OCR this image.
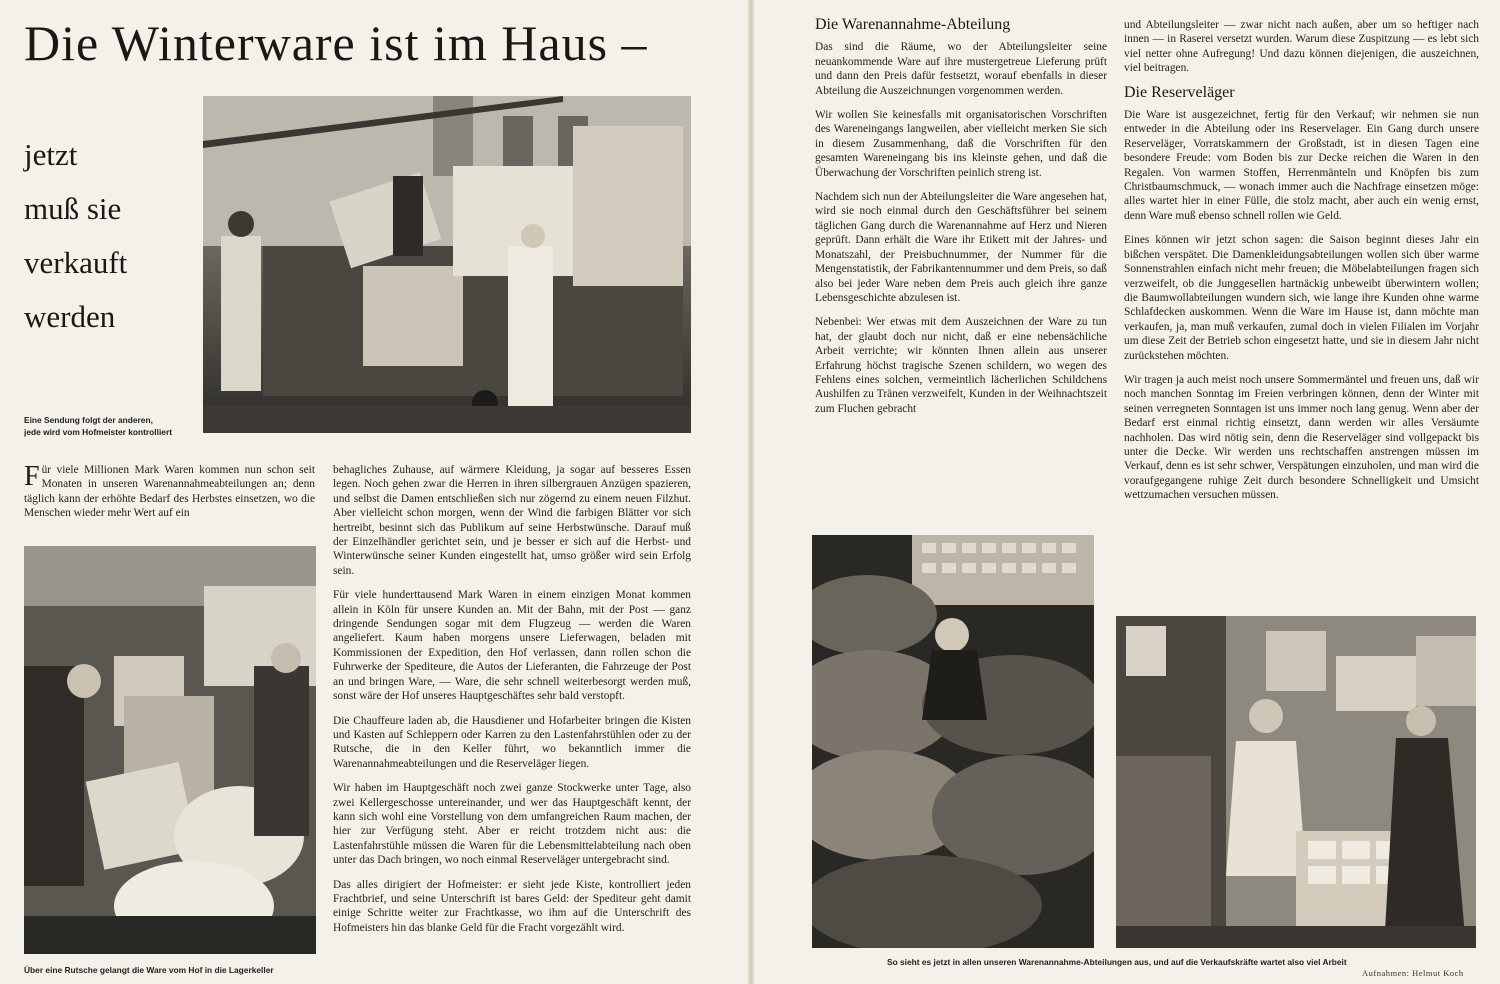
Die Winterware ist im Haus –
jetzt
muß sie
verkauft
werden
Eine Sendung folgt der anderen,
jede wird vom Hofmeister kontrolliert

Für viele Millionen Mark Waren kommen nun schon seit Monaten in unseren Warenannahmeabteilungen an; denn täglich kann der erhöhte Bedarf des Herbstes einsetzen, wo die Menschen wieder mehr Wert auf ein

Über eine Rutsche gelangt die Ware vom Hof in die Lagerkeller

behagliches Zuhause, auf wärmere Kleidung, ja sogar auf besseres Essen legen. Noch gehen zwar die Herren in ihren silbergrauen Anzügen spazieren, und selbst die Damen entschließen sich nur zögernd zu einem neuen Filzhut. Aber vielleicht schon morgen, wenn der Wind die farbigen Blätter vor sich hertreibt, besinnt sich das Publikum auf seine Herbstwünsche. Darauf muß der Einzelhändler gerichtet sein, und je besser er sich auf die Herbst- und Winterwünsche seiner Kunden eingestellt hat, umso größer wird sein Erfolg sein.

Für viele hunderttausend Mark Waren in einem einzigen Monat kommen allein in Köln für unsere Kunden an. Mit der Bahn, mit der Post — ganz dringende Sendungen sogar mit dem Flugzeug — werden die Waren angeliefert. Kaum haben morgens unsere Lieferwagen, beladen mit Kommissionen der Expedition, den Hof verlassen, dann rollen schon die Fuhrwerke der Spediteure, die Autos der Lieferanten, die Fahrzeuge der Post an und bringen Ware, — Ware, die sehr schnell weiterbesorgt werden muß, sonst wäre der Hof unseres Hauptgeschäftes sehr bald verstopft.

Die Chauffeure laden ab, die Hausdiener und Hofarbeiter bringen die Kisten und Kasten auf Schleppern oder Karren zu den Lastenfahrstühlen oder zu der Rutsche, die in den Keller führt, wo bekanntlich immer die Warenannahmeabteilungen und die Reserveläger liegen.

Wir haben im Hauptgeschäft noch zwei ganze Stockwerke unter Tage, also zwei Kellergeschosse untereinander, und wer das Hauptgeschäft kennt, der kann sich wohl eine Vorstellung von dem umfangreichen Raum machen, der hier zur Verfügung steht. Aber er reicht trotzdem nicht aus: die Lastenfahrstühle müssen die Waren für die Lebensmittelabteilung nach oben unter das Dach bringen, wo noch einmal Reserveläger untergebracht sind.

Das alles dirigiert der Hofmeister: er sieht jede Kiste, kontrolliert jeden Frachtbrief, und seine Unterschrift ist bares Geld: der Spediteur geht damit einige Schritte weiter zur Frachtkasse, wo ihm auf die Unterschrift des Hofmeisters hin das blanke Geld für die Fracht vorgezählt wird.

Die Warenannahme-Abteilung

Das sind die Räume, wo der Abteilungsleiter seine neuankommende Ware auf ihre mustergetreue Lieferung prüft und dann den Preis dafür festsetzt, worauf ebenfalls in dieser Abteilung die Auszeichnungen vorgenommen werden.

Wir wollen Sie keinesfalls mit organisatorischen Vorschriften des Wareneingangs langweilen, aber vielleicht merken Sie sich in diesem Zusammenhang, daß die Vorschriften für den gesamten Wareneingang bis ins kleinste gehen, und daß die Überwachung der Vorschriften peinlich streng ist.

Nachdem sich nun der Abteilungsleiter die Ware angesehen hat, wird sie noch einmal durch den Geschäftsführer bei seinem täglichen Gang durch die Warenannahme auf Herz und Nieren geprüft. Dann erhält die Ware ihr Etikett mit der Jahres- und Monatszahl, der Preisbuchnummer, der Nummer für die Mengenstatistik, der Fabrikantennummer und dem Preis, so daß also bei jeder Ware neben dem Preis auch gleich ihre ganze Lebensgeschichte abzulesen ist.

Nebenbei: Wer etwas mit dem Auszeichnen der Ware zu tun hat, der glaubt doch nur nicht, daß er eine nebensächliche Arbeit verrichte; wir könnten Ihnen allein aus unserer Erfahrung höchst tragische Szenen schildern, wo wegen des Fehlens eines solchen, vermeintlich lächerlichen Schildchens Aushilfen zu Tränen verzweifelt, Kunden in der Weihnachtszeit zum Fluchen gebracht

und Abteilungsleiter — zwar nicht nach außen, aber um so heftiger nach innen — in Raserei versetzt wurden. Warum diese Zuspitzung — es lebt sich viel netter ohne Aufregung! Und dazu können diejenigen, die auszeichnen, viel beitragen.

Die Reserveläger

Die Ware ist ausgezeichnet, fertig für den Verkauf; wir nehmen sie nun entweder in die Abteilung oder ins Reservelager. Ein Gang durch unsere Reserveläger, Vorratskammern der Großstadt, ist in diesen Tagen eine besondere Freude: vom Boden bis zur Decke reichen die Waren in den Regalen. Von warmen Stoffen, Herrenmänteln und Knöpfen bis zum Christbaumschmuck, — wonach immer auch die Nachfrage einsetzen möge: alles wartet hier in einer Fülle, die stolz macht, aber auch ein wenig ernst, denn Ware muß ebenso schnell rollen wie Geld.

Eines können wir jetzt schon sagen: die Saison beginnt dieses Jahr ein bißchen verspätet. Die Damenkleidungsabteilungen wollen sich über warme Sonnenstrahlen einfach nicht mehr freuen; die Möbelabteilungen fragen sich verzweifelt, ob die Junggesellen hartnäckig unbeweibt überwintern wollen; die Baumwollabteilungen wundern sich, wie lange ihre Kunden ohne warme Schlafdecken auskommen. Wenn die Ware im Hause ist, dann möchte man verkaufen, ja, man muß verkaufen, zumal doch in vielen Filialen im Vorjahr um diese Zeit der Betrieb schon eingesetzt hatte, und sie in diesem Jahr nicht zurückstehen möchten.

Wir tragen ja auch meist noch unsere Sommermäntel und freuen uns, daß wir noch manchen Sonntag im Freien verbringen können, denn der Winter mit seinen verregneten Sonntagen ist uns immer noch lang genug. Wenn aber der Bedarf erst einmal richtig einsetzt, dann werden wir alles Versäumte nachholen. Das wird nötig sein, denn die Reserveläger sind vollgepackt bis unter die Decke. Wir werden uns rechtschaffen anstrengen müssen im Verkauf, denn es ist sehr schwer, Verspätungen einzuholen, und man wird die voraufgegangene ruhige Zeit durch besondere Schnelligkeit und Umsicht wettzumachen versuchen müssen.

So sieht es jetzt in allen unseren Warenannahme-Abteilungen aus, und auf die Verkaufskräfte wartet also viel Arbeit
Aufnahmen: Helmut Koch
